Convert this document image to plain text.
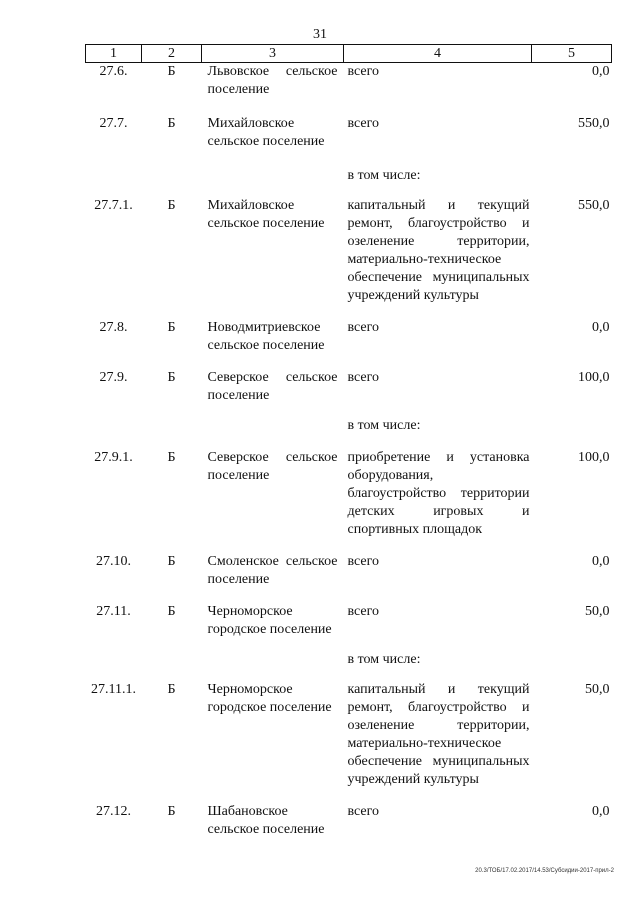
31
1	2	3	4	5
27.6.	Б	Львовское сельское поселение	всего	0,0
27.7.	Б	Михайловское сельское поселение	всего	550,0
			в том числе:	
27.7.1.	Б	Михайловское сельское поселение	капитальный и текущий ремонт, благоустройство и озеленение территории, материально-техническое обеспечение муниципальных учреждений культуры	550,0
27.8.	Б	Новодмитриевское сельское поселение	всего	0,0
27.9.	Б	Северское сельское поселение	всего	100,0
			в том числе:	
27.9.1.	Б	Северское сельское поселение	приобретение и установка оборудования, благоустройство территории детских игровых и спортивных площадок	100,0
27.10.	Б	Смоленское сельское поселение	всего	0,0
27.11.	Б	Черноморское городское поселение	всего	50,0
			в том числе:	
27.11.1.	Б	Черноморское городское поселение	капитальный и текущий ремонт, благоустройство и озеленение территории, материально-техническое обеспечение муниципальных учреждений культуры	50,0
27.12.	Б	Шабановское сельское поселение	всего	0,0
20.3/ТОБ/17.02.2017/14.53/Субсидии-2017-прил-2
